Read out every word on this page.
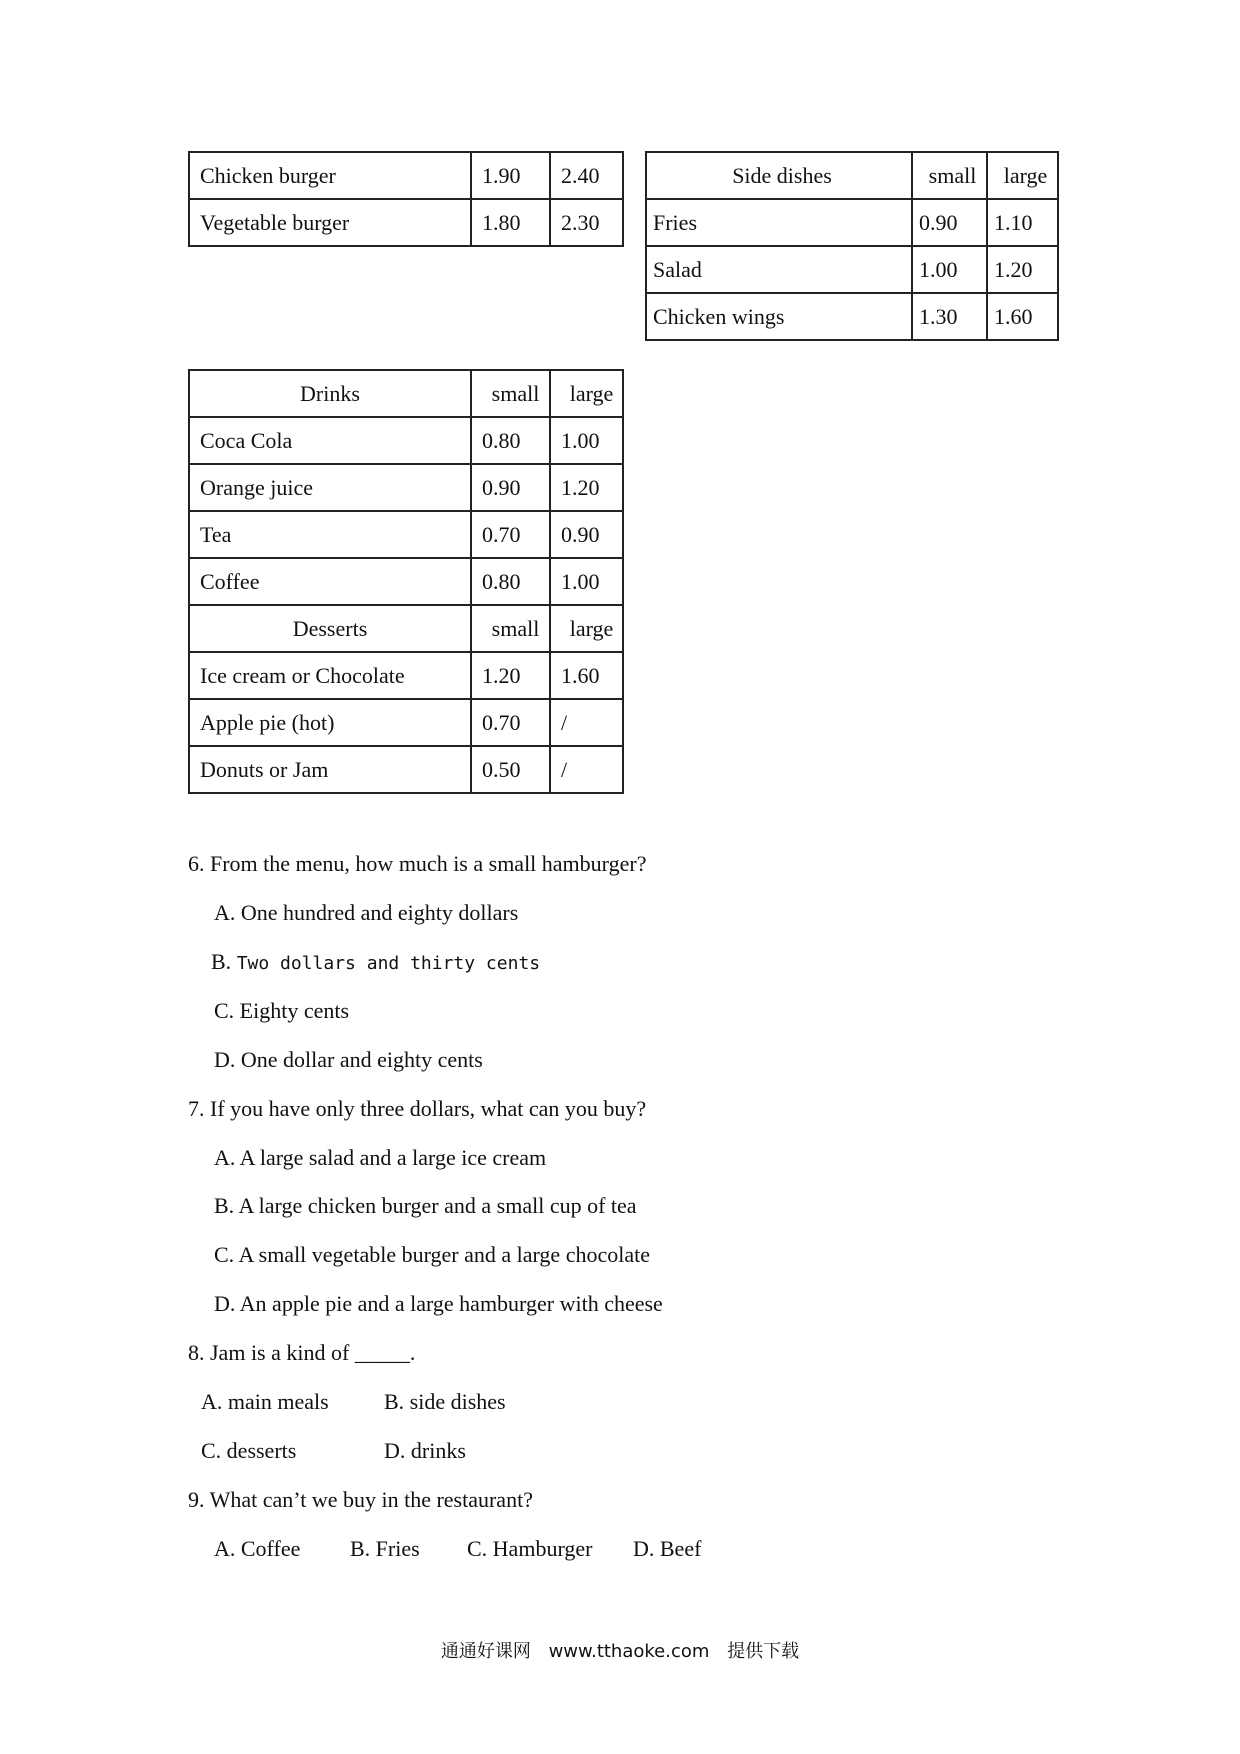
Chicken burger	1.90	2.40
Vegetable burger	1.80	2.30
Side dishes	small	large
Fries	0.90	1.10
Salad	1.00	1.20
Chicken wings	1.30	1.60
Drinks	small	large
Coca Cola	0.80	1.00
Orange juice	0.90	1.20
Tea	0.70	0.90
Coffee	0.80	1.00
Desserts	small	large
Ice cream or Chocolate	1.20	1.60
Apple pie (hot)	0.70	/
Donuts or Jam	0.50	/
6. From the menu, how much is a small hamburger?
A. One hundred and eighty dollars
B. Two dollars and thirty cents
C. Eighty cents
D. One dollar and eighty cents
7. If you have only three dollars, what can you buy?
A. A large salad and a large ice cream
B. A large chicken burger and a small cup of tea
C. A small vegetable burger and a large chocolate
D. An apple pie and a large hamburger with cheese
8. Jam is a kind of _____.
A. main meals	B. side dishes
C. desserts	D. drinks
9. What can’t we buy in the restaurant?
A. Coffee B. Fries C. Hamburger D. Beef
通通好课网 www.tthaoke.com 提供下载
